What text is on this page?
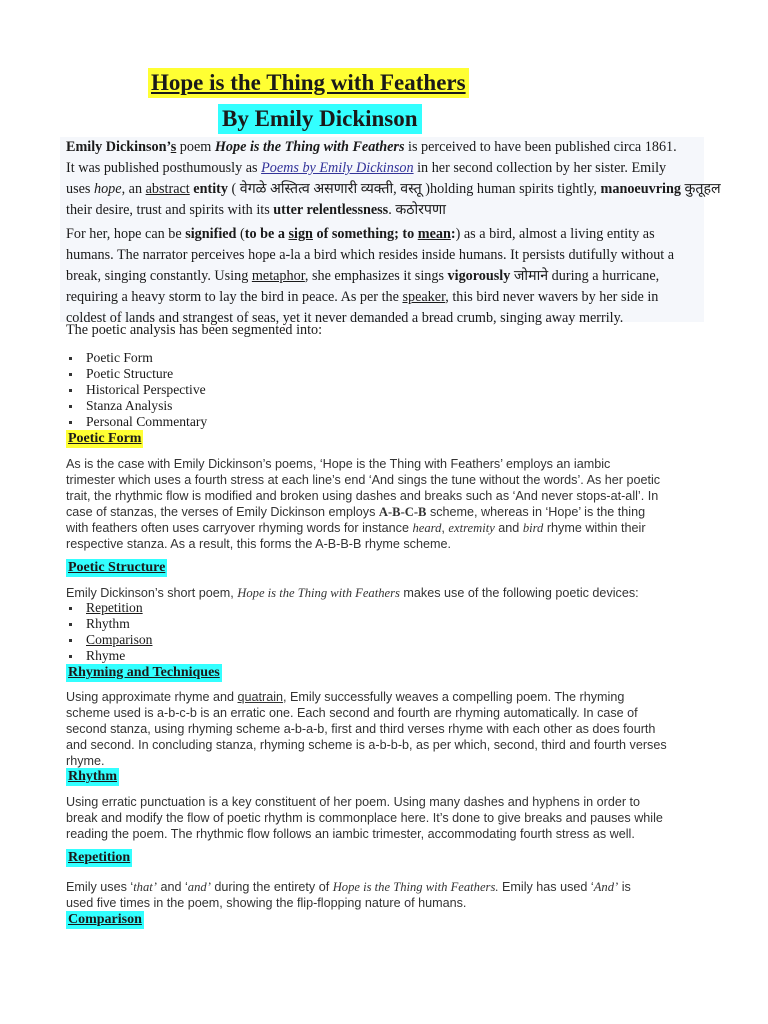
Hope is the Thing with Feathers
By Emily Dickinson

Emily Dickinson’s poem Hope is the Thing with Feathers is perceived to have been published circa 1861.

It was published posthumously as Poems by Emily Dickinson in her second collection by her sister. Emily

uses hope, an abstract entity ( वेगळे अस्तित्व असणारी व्यक्ती, वस्तू )holding human spirits tightly, manoeuvring कुतूहल

their desire, trust and spirits with its utter relentlessness. कठोरपणा

For her, hope can be signified (to be a sign of something; to mean:) as a bird, almost a living entity as

humans. The narrator perceives hope a-la a bird which resides inside humans. It persists dutifully without a

break, singing constantly. Using metaphor, she emphasizes it sings vigorously जोमाने during a hurricane,

requiring a heavy storm to lay the bird in peace. As per the speaker, this bird never wavers by her side in

coldest of lands and strangest of seas, yet it never demanded a bread crumb, singing away merrily.

The poetic analysis has been segmented into:
Poetic Form
Poetic Structure
Historical Perspective
Stanza Analysis
Personal Commentary
Poetic Form

As is the case with Emily Dickinson’s poems, ‘Hope is the Thing with Feathers’ employs an iambic

trimester which uses a fourth stress at each line’s end ‘And sings the tune without the words’. As her poetic

trait, the rhythmic flow is modified and broken using dashes and breaks such as ‘And never stops-at-all’. In

case of stanzas, the verses of Emily Dickinson employs A-B-C-B scheme, whereas in ‘Hope’ is the thing

with feathers often uses carryover rhyming words for instance heard, extremity and bird rhyme within their

respective stanza. As a result, this forms the A-B-B-B rhyme scheme.

Poetic Structure

Emily Dickinson’s short poem, Hope is the Thing with Feathers makes use of the following poetic devices:

Repetition
Rhythm
Comparison
Rhyme
Rhyming and Techniques

Using approximate rhyme and quatrain, Emily successfully weaves a compelling poem. The rhyming

scheme used is a-b-c-b is an erratic one. Each second and fourth are rhyming automatically. In case of

second stanza, using rhyming scheme a-b-a-b, first and third verses rhyme with each other as does fourth

and second. In concluding stanza, rhyming scheme is a-b-b-b, as per which, second, third and fourth verses

rhyme.

Rhythm

Using erratic punctuation is a key constituent of her poem. Using many dashes and hyphens in order to

break and modify the flow of poetic rhythm is commonplace here. It’s done to give breaks and pauses while

reading the poem. The rhythmic flow follows an iambic trimester, accommodating fourth stress as well.

Repetition

Emily uses ‘that’ and ‘and’ during the entirety of Hope is the Thing with Feathers. Emily has used ‘And’ is

used five times in the poem, showing the flip-flopping nature of humans.

Comparison
